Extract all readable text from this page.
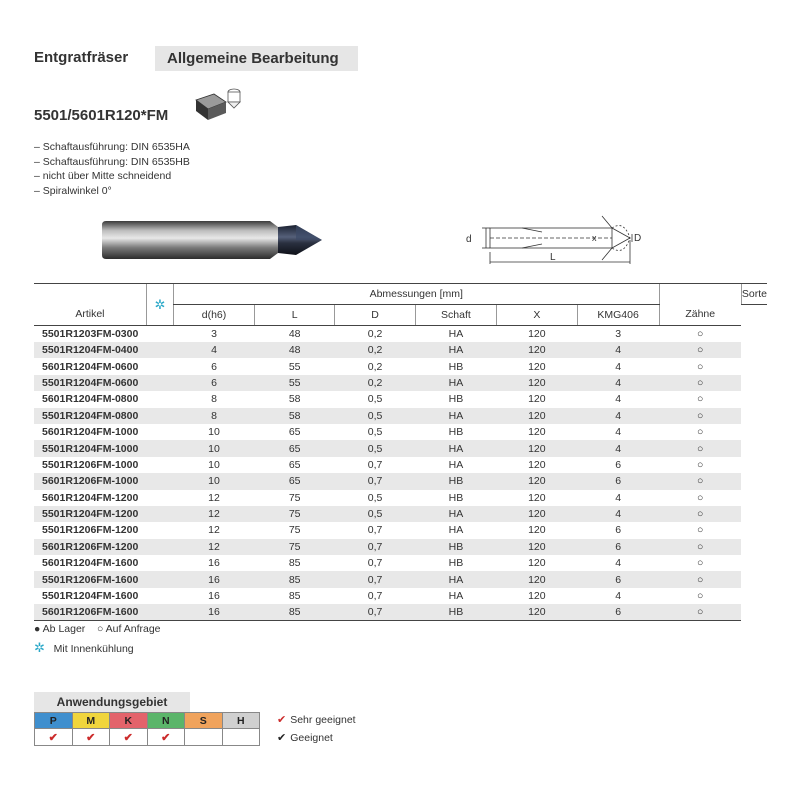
Entgratfräser	Allgemeine Bearbeitung
5501/5601R120*FM
– Schaftausführung: DIN 6535HA
– Schaftausführung: DIN 6535HB
– nicht über Mitte schneidend
– Spiralwinkel 0°
d
L
D
x
Artikel	✲	Abmessungen [mm]						Zähne	Sorte
		d(h6)	L	D	Schaft	X	KMG406		
5501R1203FM-0300		3	48	0,2	HA	120	3	○	
5501R1204FM-0400		4	48	0,2	HA	120	4	○	
5601R1204FM-0600		6	55	0,2	HB	120	4	○	
5501R1204FM-0600		6	55	0,2	HA	120	4	○	
5601R1204FM-0800		8	58	0,5	HB	120	4	○	
5501R1204FM-0800		8	58	0,5	HA	120	4	○	
5601R1204FM-1000		10	65	0,5	HB	120	4	○	
5501R1204FM-1000		10	65	0,5	HA	120	4	○	
5501R1206FM-1000		10	65	0,7	HA	120	6	○	
5601R1206FM-1000		10	65	0,7	HB	120	6	○	
5601R1204FM-1200		12	75	0,5	HB	120	4	○	
5501R1204FM-1200		12	75	0,5	HA	120	4	○	
5501R1206FM-1200		12	75	0,7	HA	120	6	○	
5601R1206FM-1200		12	75	0,7	HB	120	6	○	
5601R1204FM-1600		16	85	0,7	HB	120	4	○	
5501R1206FM-1600		16	85	0,7	HA	120	6	○	
5501R1204FM-1600		16	85	0,7	HA	120	4	○	
5601R1206FM-1600		16	85	0,7	HB	120	6	○	
● Ab Lager ○ Auf Anfrage
✲ Mit Innenkühlung
Anwendungsgebiet
P	M	K	N	S	H
✔	✔	✔	✔		
✔ Sehr geeignet
✔ Geeignet
